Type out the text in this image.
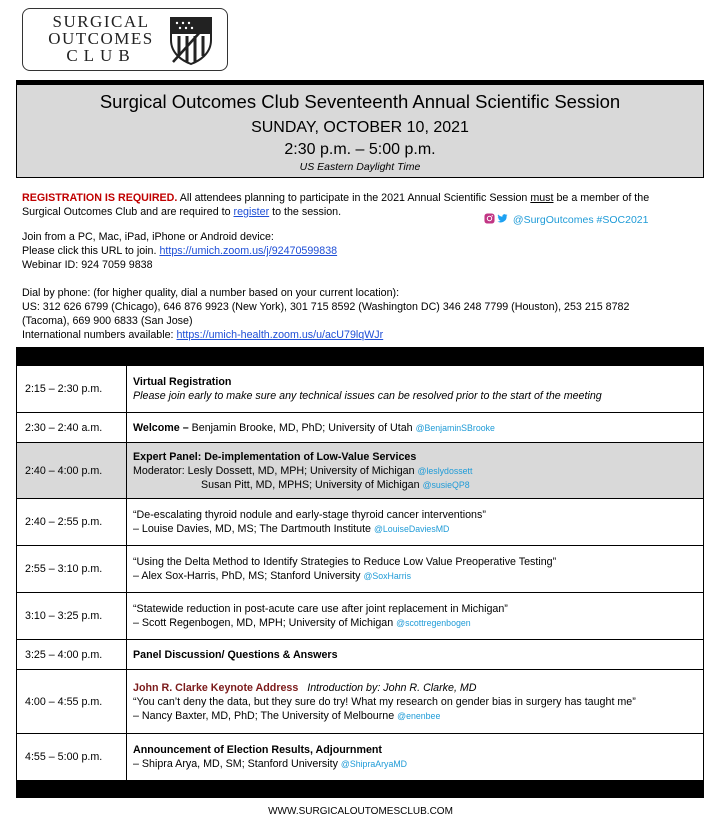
SURGICAL
OUTCOMES
CLUB
Surgical Outcomes Club Seventeenth Annual Scientific Session
SUNDAY, OCTOBER 10, 2021
2:30 p.m. – 5:00 p.m.
US Eastern Daylight Time
REGISTRATION IS REQUIRED. All attendees planning to participate in the 2021 Annual Scientific Session must be a member of the
Surgical Outcomes Club and are required to register to the session.
@SurgOutcomes #SOC2021
Join from a PC, Mac, iPad, iPhone or Android device:
Please click this URL to join. https://umich.zoom.us/j/92470599838
Webinar ID: 924 7059 9838
Dial by phone: (for higher quality, dial a number based on your current location):
US: 312 626 6799 (Chicago), 646 876 9923 (New York), 301 715 8592 (Washington DC) 346 248 7799 (Houston), 253 215 8782
(Tacoma), 669 900 6833 (San Jose)
International numbers available: https://umich-health.zoom.us/u/acU79lqWJr
2:15 – 2:30 p.m.	Virtual Registration
Please join early to make sure any technical issues can be resolved prior to the start of the meeting

2:30 – 2:40 a.m.	Welcome – Benjamin Brooke, MD, PhD; University of Utah @BenjaminSBrooke
2:40 – 4:00 p.m.	Expert Panel: De-implementation of Low-Value Services
Moderator: Lesly Dossett, MD, MPH; University of Michigan @leslydossett
Susan Pitt, MD, MPHS; University of Michigan @susieQP8

2:40 – 2:55 p.m.	“De-escalating thyroid nodule and early-stage thyroid cancer interventions”
– Louise Davies, MD, MS; The Dartmouth Institute @LouiseDaviesMD

2:55 – 3:10 p.m.	“Using the Delta Method to Identify Strategies to Reduce Low Value Preoperative Testing”
– Alex Sox-Harris, PhD, MS; Stanford University @SoxHarris

3:10 – 3:25 p.m.	“Statewide reduction in post-acute care use after joint replacement in Michigan”
– Scott Regenbogen, MD, MPH; University of Michigan @scottregenbogen

3:25 – 4:00 p.m.	Panel Discussion/ Questions & Answers
4:00 – 4:55 p.m.	John R. Clarke Keynote Address Introduction by: John R. Clarke, MD
“You can’t deny the data, but they sure do try! What my research on gender bias in surgery has taught me”
– Nancy Baxter, MD, PhD; The University of Melbourne @enenbee

4:55 – 5:00 p.m.	Announcement of Election Results, Adjournment
– Shipra Arya, MD, SM; Stanford University @ShipraAryaMD
WWW.SURGICALOUTOMESCLUB.COM
